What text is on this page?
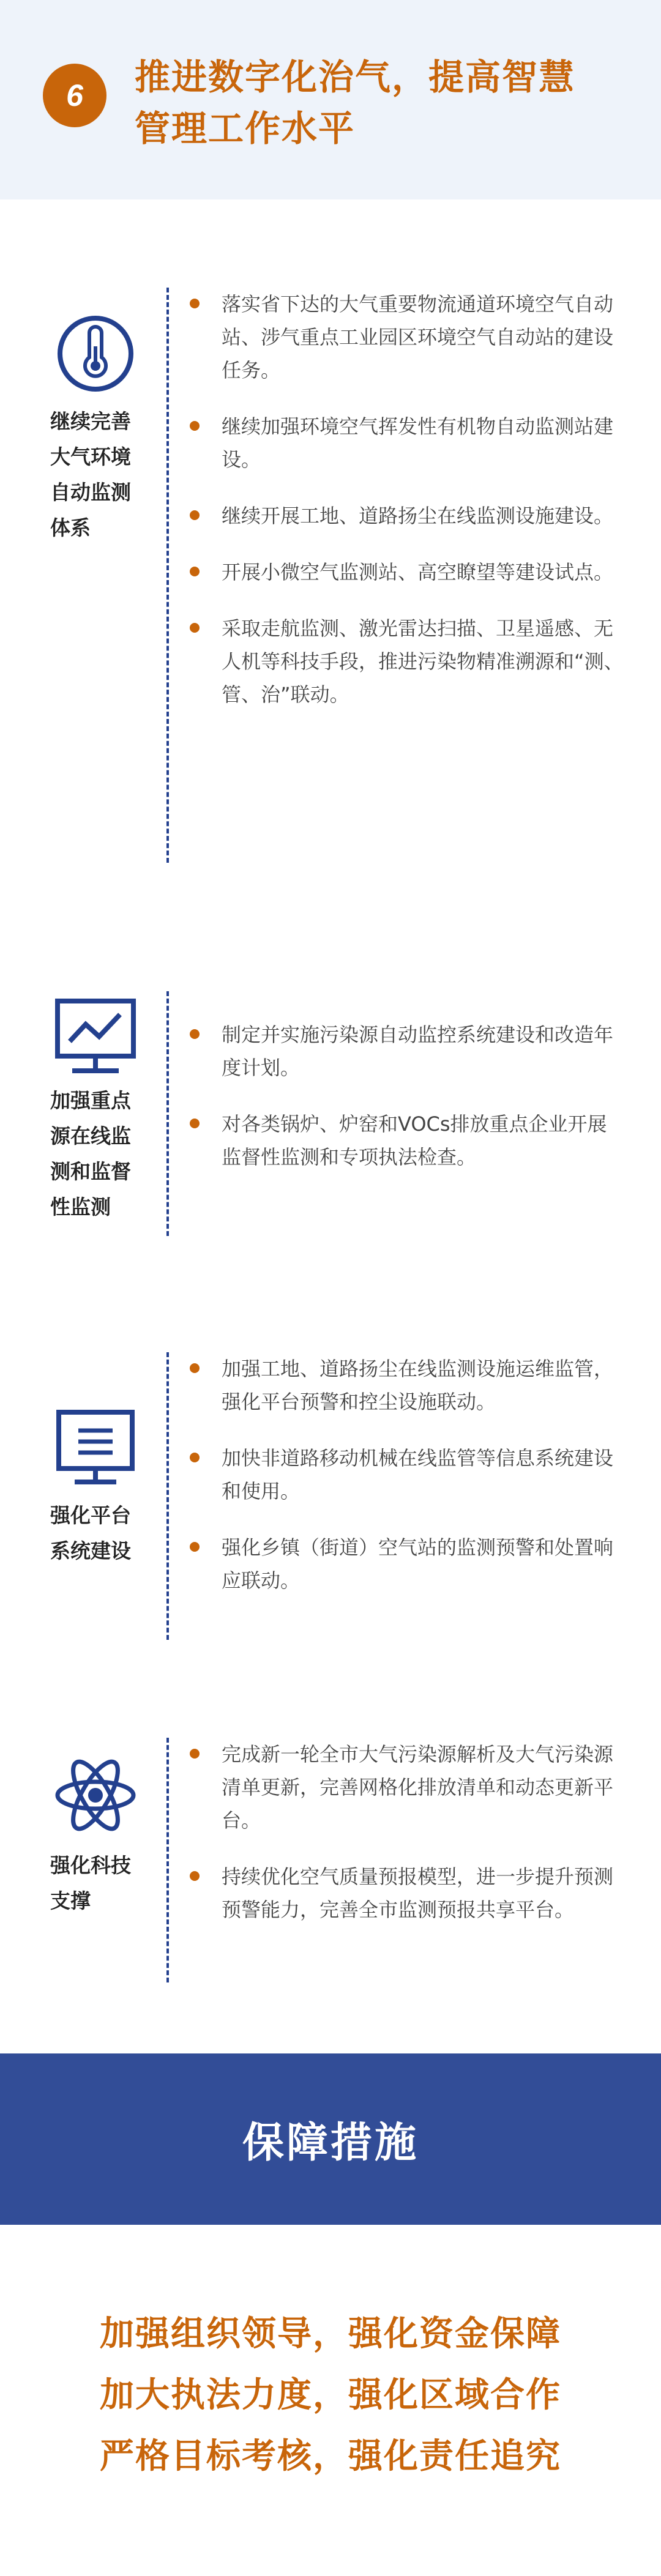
6	推进数字化治气，提高智慧
管理工作水平
继续完善
大气环境
自动监测
体系
落实省下达的大气重要物流通道环境空气自动站、涉气重点工业园区环境空气自动站的建设任务。
继续加强环境空气挥发性有机物自动监测站建设。
继续开展工地、道路扬尘在线监测设施建设。
开展小微空气监测站、高空瞭望等建设试点。
采取走航监测、激光雷达扫描、卫星遥感、无人机等科技手段，推进污染物精准溯源和“测、管、治”联动。
加强重点
源在线监
测和监督
性监测
制定并实施污染源自动监控系统建设和改造年度计划。
对各类锅炉、炉窑和VOCs排放重点企业开展监督性监测和专项执法检查。
强化平台
系统建设
加强工地、道路扬尘在线监测设施运维监管，强化平台预警和控尘设施联动。
加快非道路移动机械在线监管等信息系统建设和使用。
强化乡镇（街道）空气站的监测预警和处置响应联动。
强化科技
支撑
完成新一轮全市大气污染源解析及大气污染源清单更新，完善网格化排放清单和动态更新平台。
持续优化空气质量预报模型，进一步提升预测预警能力，完善全市监测预报共享平台。
保障措施
加强组织领导，强化资金保障
加大执法力度，强化区域合作
严格目标考核，强化责任追究
